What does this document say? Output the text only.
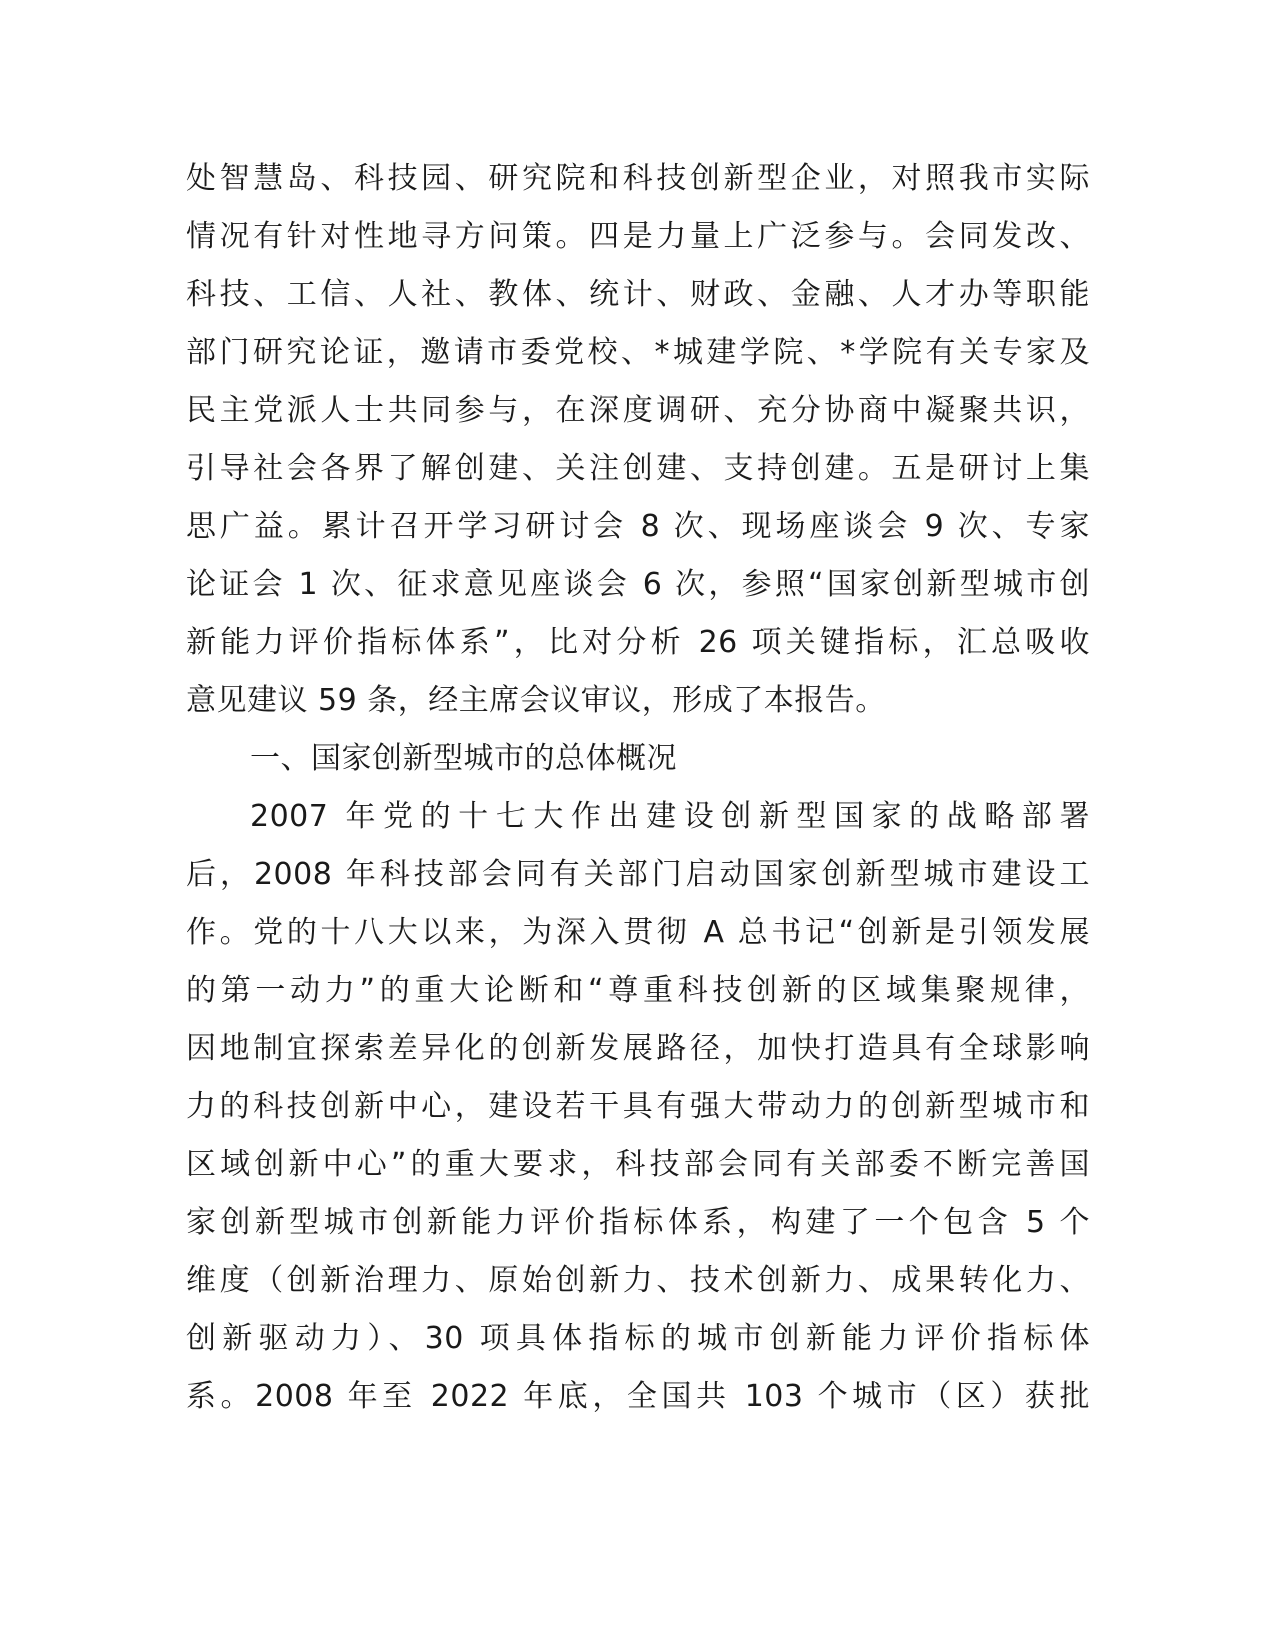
处智慧岛、科技园、研究院和科技创新型企业，对照我市实际
情况有针对性地寻方问策。四是力量上广泛参与。会同发改、
科技、工信、人社、教体、统计、财政、金融、人才办等职能
部门研究论证，邀请市委党校、*城建学院、*学院有关专家及
民主党派人士共同参与，在深度调研、充分协商中凝聚共识，
引导社会各界了解创建、关注创建、支持创建。五是研讨上集
思广益。累计召开学习研讨会 8 次、现场座谈会 9 次、专家
论证会 1 次、征求意见座谈会 6 次，参照“国家创新型城市创
新能力评价指标体系”，比对分析 26 项关键指标，汇总吸收
意见建议 59 条，经主席会议审议，形成了本报告。
一、国家创新型城市的总体概况
2007 年党的十七大作出建设创新型国家的战略部署
后，2008 年科技部会同有关部门启动国家创新型城市建设工
作。党的十八大以来，为深入贯彻 A 总书记“创新是引领发展
的第一动力”的重大论断和“尊重科技创新的区域集聚规律，
因地制宜探索差异化的创新发展路径，加快打造具有全球影响
力的科技创新中心，建设若干具有强大带动力的创新型城市和
区域创新中心”的重大要求，科技部会同有关部委不断完善国
家创新型城市创新能力评价指标体系，构建了一个包含 5 个
维度（创新治理力、原始创新力、技术创新力、成果转化力、
创新驱动力）、30 项具体指标的城市创新能力评价指标体
系。2008 年至 2022 年底，全国共 103 个城市（区）获批
